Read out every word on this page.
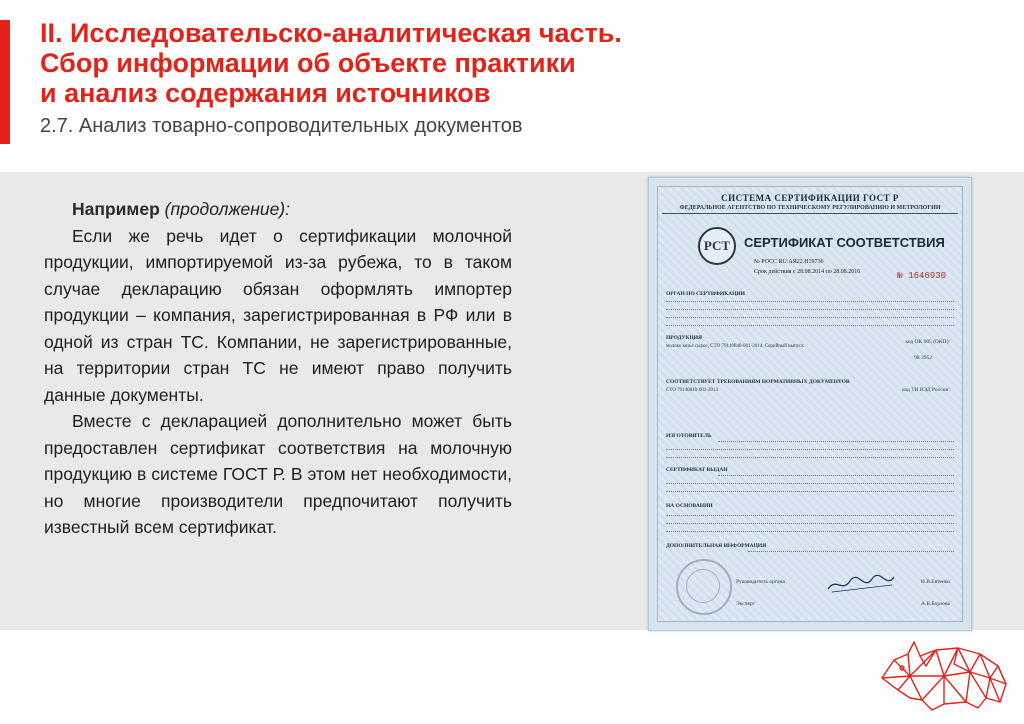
II. Исследовательско-аналитическая часть.
Сбор информации об объекте практики
и анализ содержания источников
2.7. Анализ товарно-сопроводительных документов

Например (продолжение):

Если же речь идет о сертификации молочной продукции, импортируемой из-за рубежа, то в таком случае декларацию обязан оформлять импортер продукции – компания, зарегистрированная в РФ или в одной из стран ТС. Компании, не зарегистрированные, на территории стран ТС не имеют право получить данные документы.

Вместе с декларацией дополнительно может быть предоставлен сертификат соответствия на молочную продукцию в системе ГОСТ Р. В этом нет необходимости, но многие производители предпочитают получить известный всем сертификат.

СИСТЕМА СЕРТИФИКАЦИИ ГОСТ Р
ФЕДЕРАЛЬНОЕ АГЕНТСТВО ПО ТЕХНИЧЕСКОМУ РЕГУЛИРОВАНИЮ И МЕТРОЛОГИИ
РСТ	СЕРТИФИКАТ СООТВЕТСТВИЯ
№ РОСС RU.АЯ22.Н19736
Срок действия с 28.08.2014 по 28.08.2016	№ 1646930
ОРГАН ПО СЕРТИФИКАЦИИ
ПРОДУКЦИЯ
молоко козье сырое, СТО 79140840-001-2014. Серийный выпуск
код ОК 005 (ОКП):
98 3952
СООТВЕТСТВУЕТ ТРЕБОВАНИЯМ НОРМАТИВНЫХ ДОКУМЕНТОВ
СТО 79140840-001-2014	код ТН ВЭД России:
ИЗГОТОВИТЕЛЬ
СЕРТИФИКАТ ВЫДАН
НА ОСНОВАНИИ
ДОПОЛНИТЕЛЬНАЯ ИНФОРМАЦИЯ
Руководитель органа	И.В.Евтенко
Эксперт	А.В.Борзова
